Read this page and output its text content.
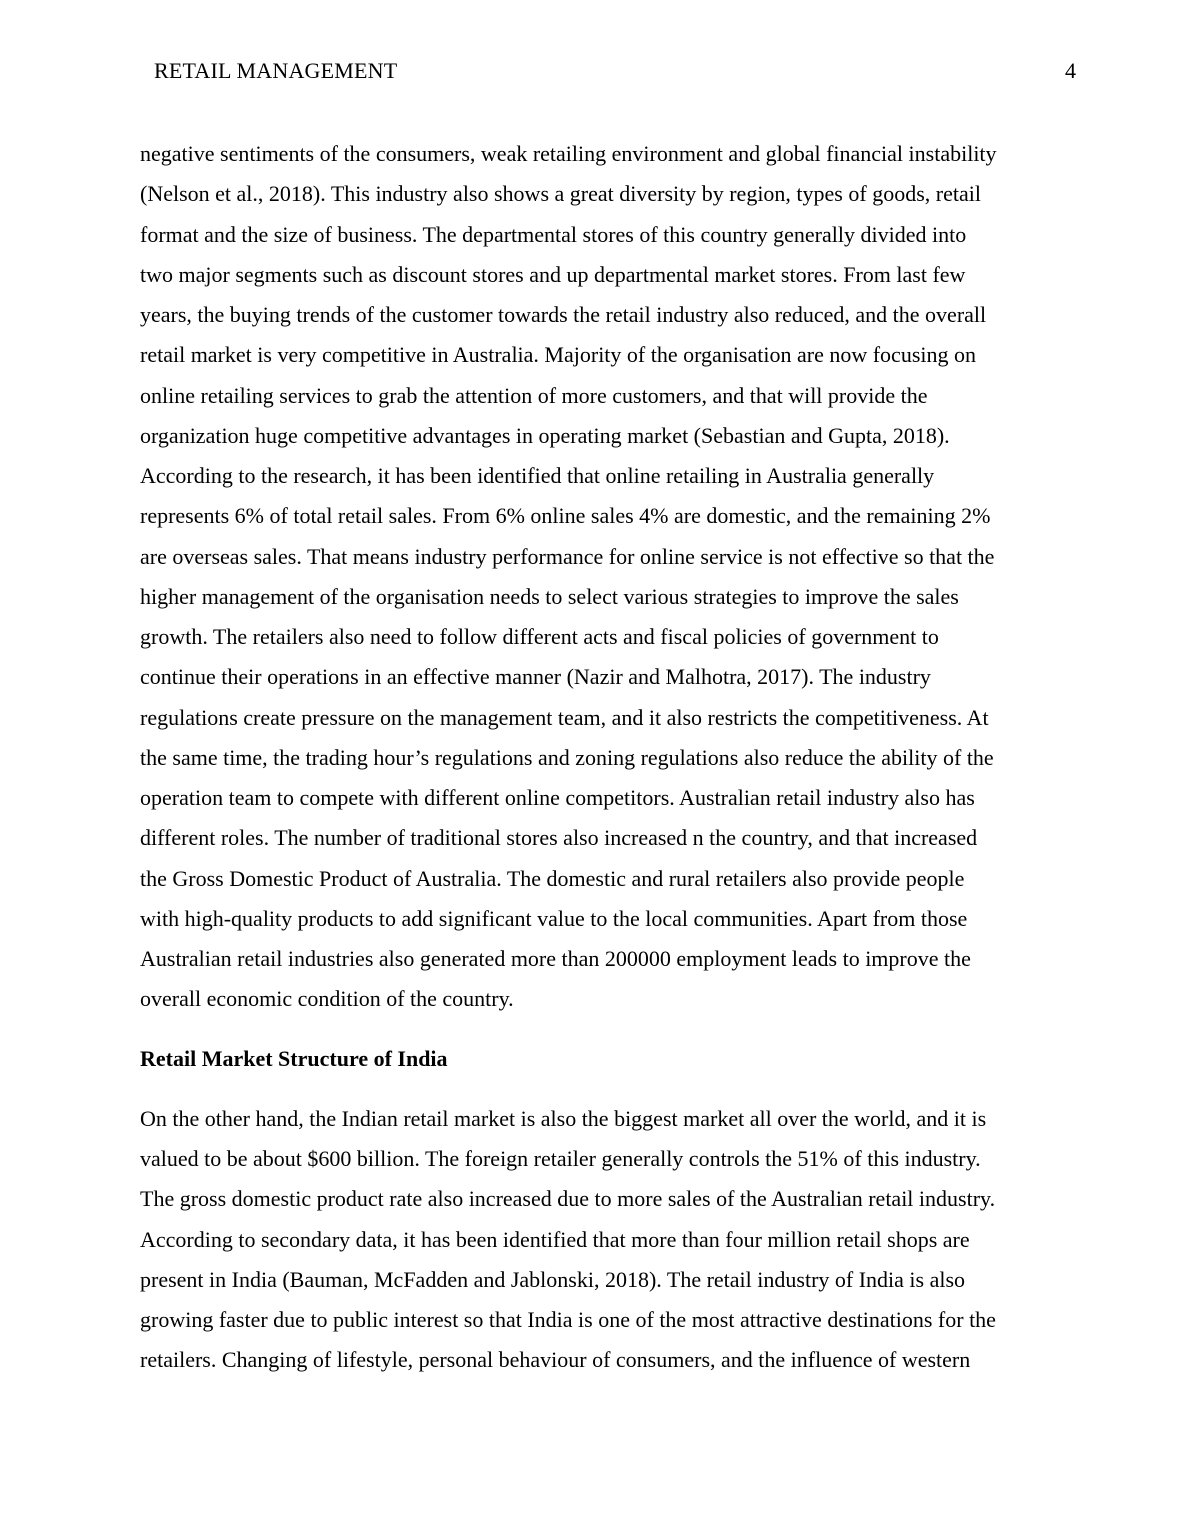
RETAIL MANAGEMENT	4
negative sentiments of the consumers, weak retailing environment and global financial instability
(Nelson et al., 2018). This industry also shows a great diversity by region, types of goods, retail
format and the size of business. The departmental stores of this country generally divided into
two major segments such as discount stores and up departmental market stores. From last few
years, the buying trends of the customer towards the retail industry also reduced, and the overall
retail market is very competitive in Australia. Majority of the organisation are now focusing on
online retailing services to grab the attention of more customers, and that will provide the
organization huge competitive advantages in operating market (Sebastian and Gupta, 2018).
According to the research, it has been identified that online retailing in Australia generally
represents 6% of total retail sales. From 6% online sales 4% are domestic, and the remaining 2%
are overseas sales. That means industry performance for online service is not effective so that the
higher management of the organisation needs to select various strategies to improve the sales
growth. The retailers also need to follow different acts and fiscal policies of government to
continue their operations in an effective manner (Nazir and Malhotra, 2017). The industry
regulations create pressure on the management team, and it also restricts the competitiveness. At
the same time, the trading hour’s regulations and zoning regulations also reduce the ability of the
operation team to compete with different online competitors. Australian retail industry also has
different roles. The number of traditional stores also increased n the country, and that increased
the Gross Domestic Product of Australia. The domestic and rural retailers also provide people
with high-quality products to add significant value to the local communities. Apart from those
Australian retail industries also generated more than 200000 employment leads to improve the
overall economic condition of the country.
Retail Market Structure of India
On the other hand, the Indian retail market is also the biggest market all over the world, and it is
valued to be about $600 billion. The foreign retailer generally controls the 51% of this industry.
The gross domestic product rate also increased due to more sales of the Australian retail industry.
According to secondary data, it has been identified that more than four million retail shops are
present in India (Bauman, McFadden and Jablonski, 2018). The retail industry of India is also
growing faster due to public interest so that India is one of the most attractive destinations for the
retailers. Changing of lifestyle, personal behaviour of consumers, and the influence of western
